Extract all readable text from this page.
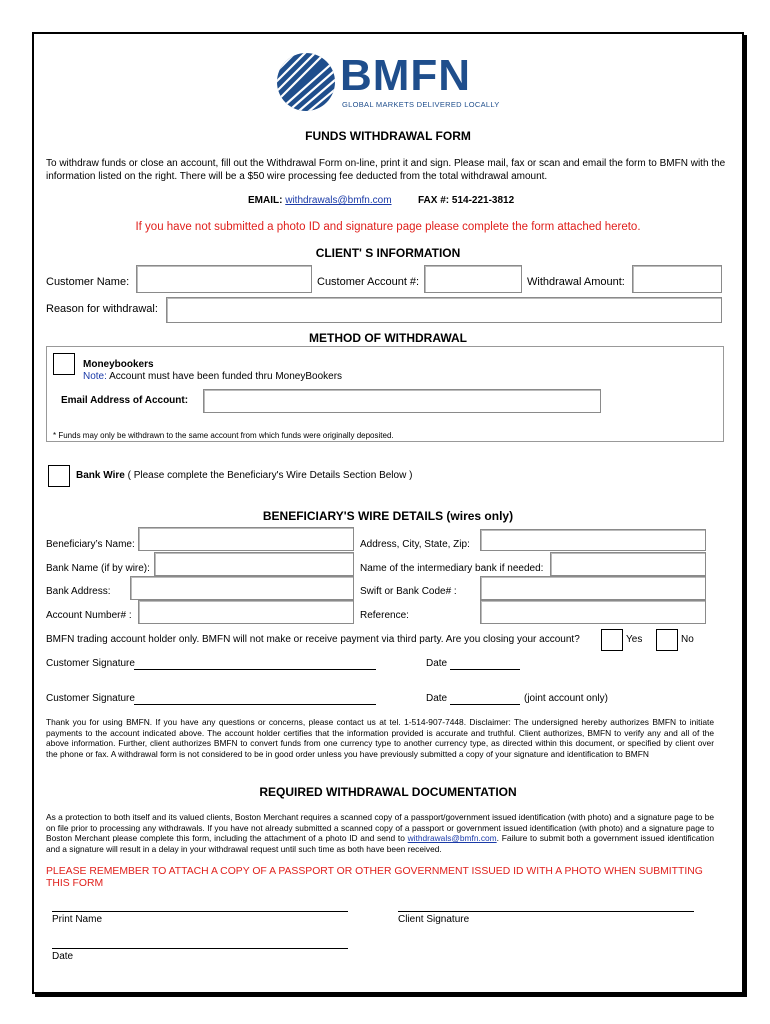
BMFN
GLOBAL MARKETS DELIVERED LOCALLY
FUNDS WITHDRAWAL FORM
To withdraw funds or close an account, fill out the Withdrawal Form on-line, print it and sign. Please mail, fax or scan and email the form to BMFN with the information listed on the right. There will be a $50 wire processing fee deducted from the total withdrawal amount.
EMAIL: withdrawals@bmfn.com	FAX #: 514-221-3812
If you have not submitted a photo ID and signature page please complete the form attached hereto.
CLIENT' S INFORMATION
Customer Name:	Customer Account #:	Withdrawal Amount:
Reason for withdrawal:
METHOD OF WITHDRAWAL
Moneybookers
Note: Account must have been funded thru MoneyBookers
Email Address of Account:
* Funds may only be withdrawn to the same account from which funds were originally deposited.
Bank Wire ( Please complete the Beneficiary's Wire Details Section Below )
BENEFICIARY'S WIRE DETAILS (wires only)
Beneficiary’s Name:	Address, City, State, Zip:
Bank Name (if by wire):	Name of the intermediary bank if needed:
Bank Address:	Swift or Bank Code# :
Account Number# :	Reference:
BMFN trading account holder only. BMFN will not make or receive payment via third party. Are you closing your account?	Yes	No
Customer Signature	Date
Customer Signature	Date	(joint account only)
Thank you for using BMFN. If you have any questions or concerns, please contact us at tel. 1-514-907-7448. Disclaimer: The undersigned hereby authorizes BMFN to initiate payments to the account indicated above. The account holder certifies that the information provided is accurate and truthful. Client authorizes, BMFN to verify any and all of the above information. Further, client authorizes BMFN to convert funds from one currency type to another currency type, as directed within this document, or specified by client over the phone or fax. A withdrawal form is not considered to be in good order unless you have previously submitted a copy of your signature and identification to BMFN
REQUIRED WITHDRAWAL DOCUMENTATION
As a protection to both itself and its valued clients, Boston Merchant requires a scanned copy of a passport/government issued identification (with photo) and a signature page to be on file prior to processing any withdrawals. If you have not already submitted a scanned copy of a passport or government issued identification (with photo) and a signature page to Boston Merchant please complete this form, including the attachment of a photo ID and send to withdrawals@bmfn.com. Failure to submit both a government issued identification and a signature will result in a delay in your withdrawal request until such time as both have been received.
PLEASE REMEMBER TO ATTACH A COPY OF A PASSPORT OR OTHER GOVERNMENT ISSUED ID WITH A PHOTO WHEN SUBMITTING THIS FORM
Print Name	Client Signature
Date
